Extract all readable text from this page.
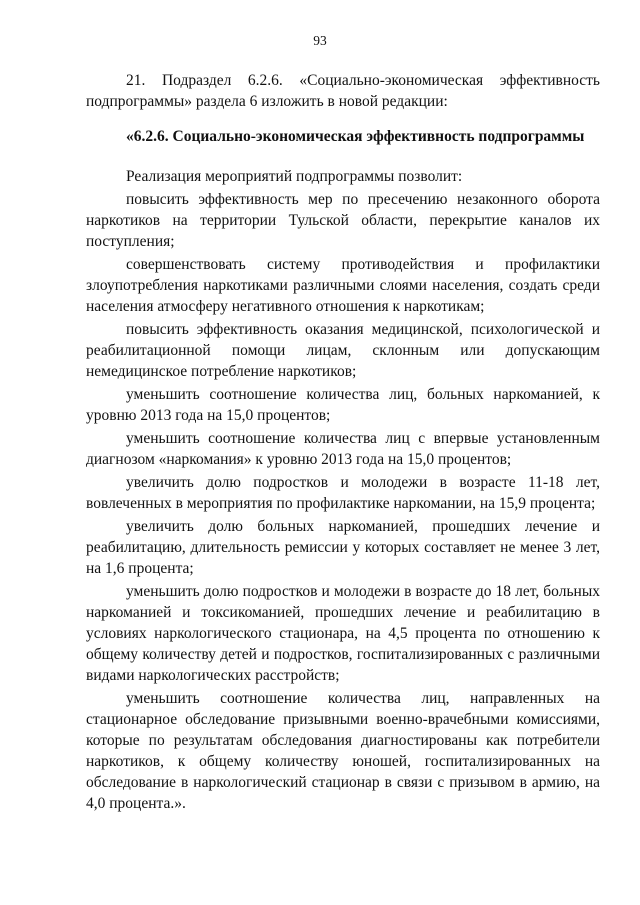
93

21. Подраздел 6.2.6. «Социально-экономическая эффективность подпрограммы» раздела 6 изложить в новой редакции:

«6.2.6. Социально-экономическая эффективность подпрограммы

Реализация мероприятий подпрограммы позволит:

повысить эффективность мер по пресечению незаконного оборота наркотиков на территории Тульской области, перекрытие каналов их поступления;

совершенствовать систему противодействия и профилактики злоупотребления наркотиками различными слоями населения, создать среди населения атмосферу негативного отношения к наркотикам;

повысить эффективность оказания медицинской, психологической и реабилитационной помощи лицам, склонным или допускающим немедицинское потребление наркотиков;

уменьшить соотношение количества лиц, больных наркоманией, к уровню 2013 года на 15,0 процентов;

уменьшить соотношение количества лиц с впервые установленным диагнозом «наркомания» к уровню 2013 года на 15,0 процентов;

увеличить долю подростков и молодежи в возрасте 11-18 лет, вовлеченных в мероприятия по профилактике наркомании, на 15,9 процента;

увеличить долю больных наркоманией, прошедших лечение и реабилитацию, длительность ремиссии у которых составляет не менее 3 лет, на 1,6 процента;

уменьшить долю подростков и молодежи в возрасте до 18 лет, больных наркоманией и токсикоманией, прошедших лечение и реабилитацию в условиях наркологического стационара, на 4,5 процента по отношению к общему количеству детей и подростков, госпитализированных с различными видами наркологических расстройств;

уменьшить соотношение количества лиц, направленных на стационарное обследование призывными военно-врачебными комиссиями, которые по результатам обследования диагностированы как потребители наркотиков, к общему количеству юношей, госпитализированных на обследование в наркологический стационар в связи с призывом в армию, на 4,0 процента.».
